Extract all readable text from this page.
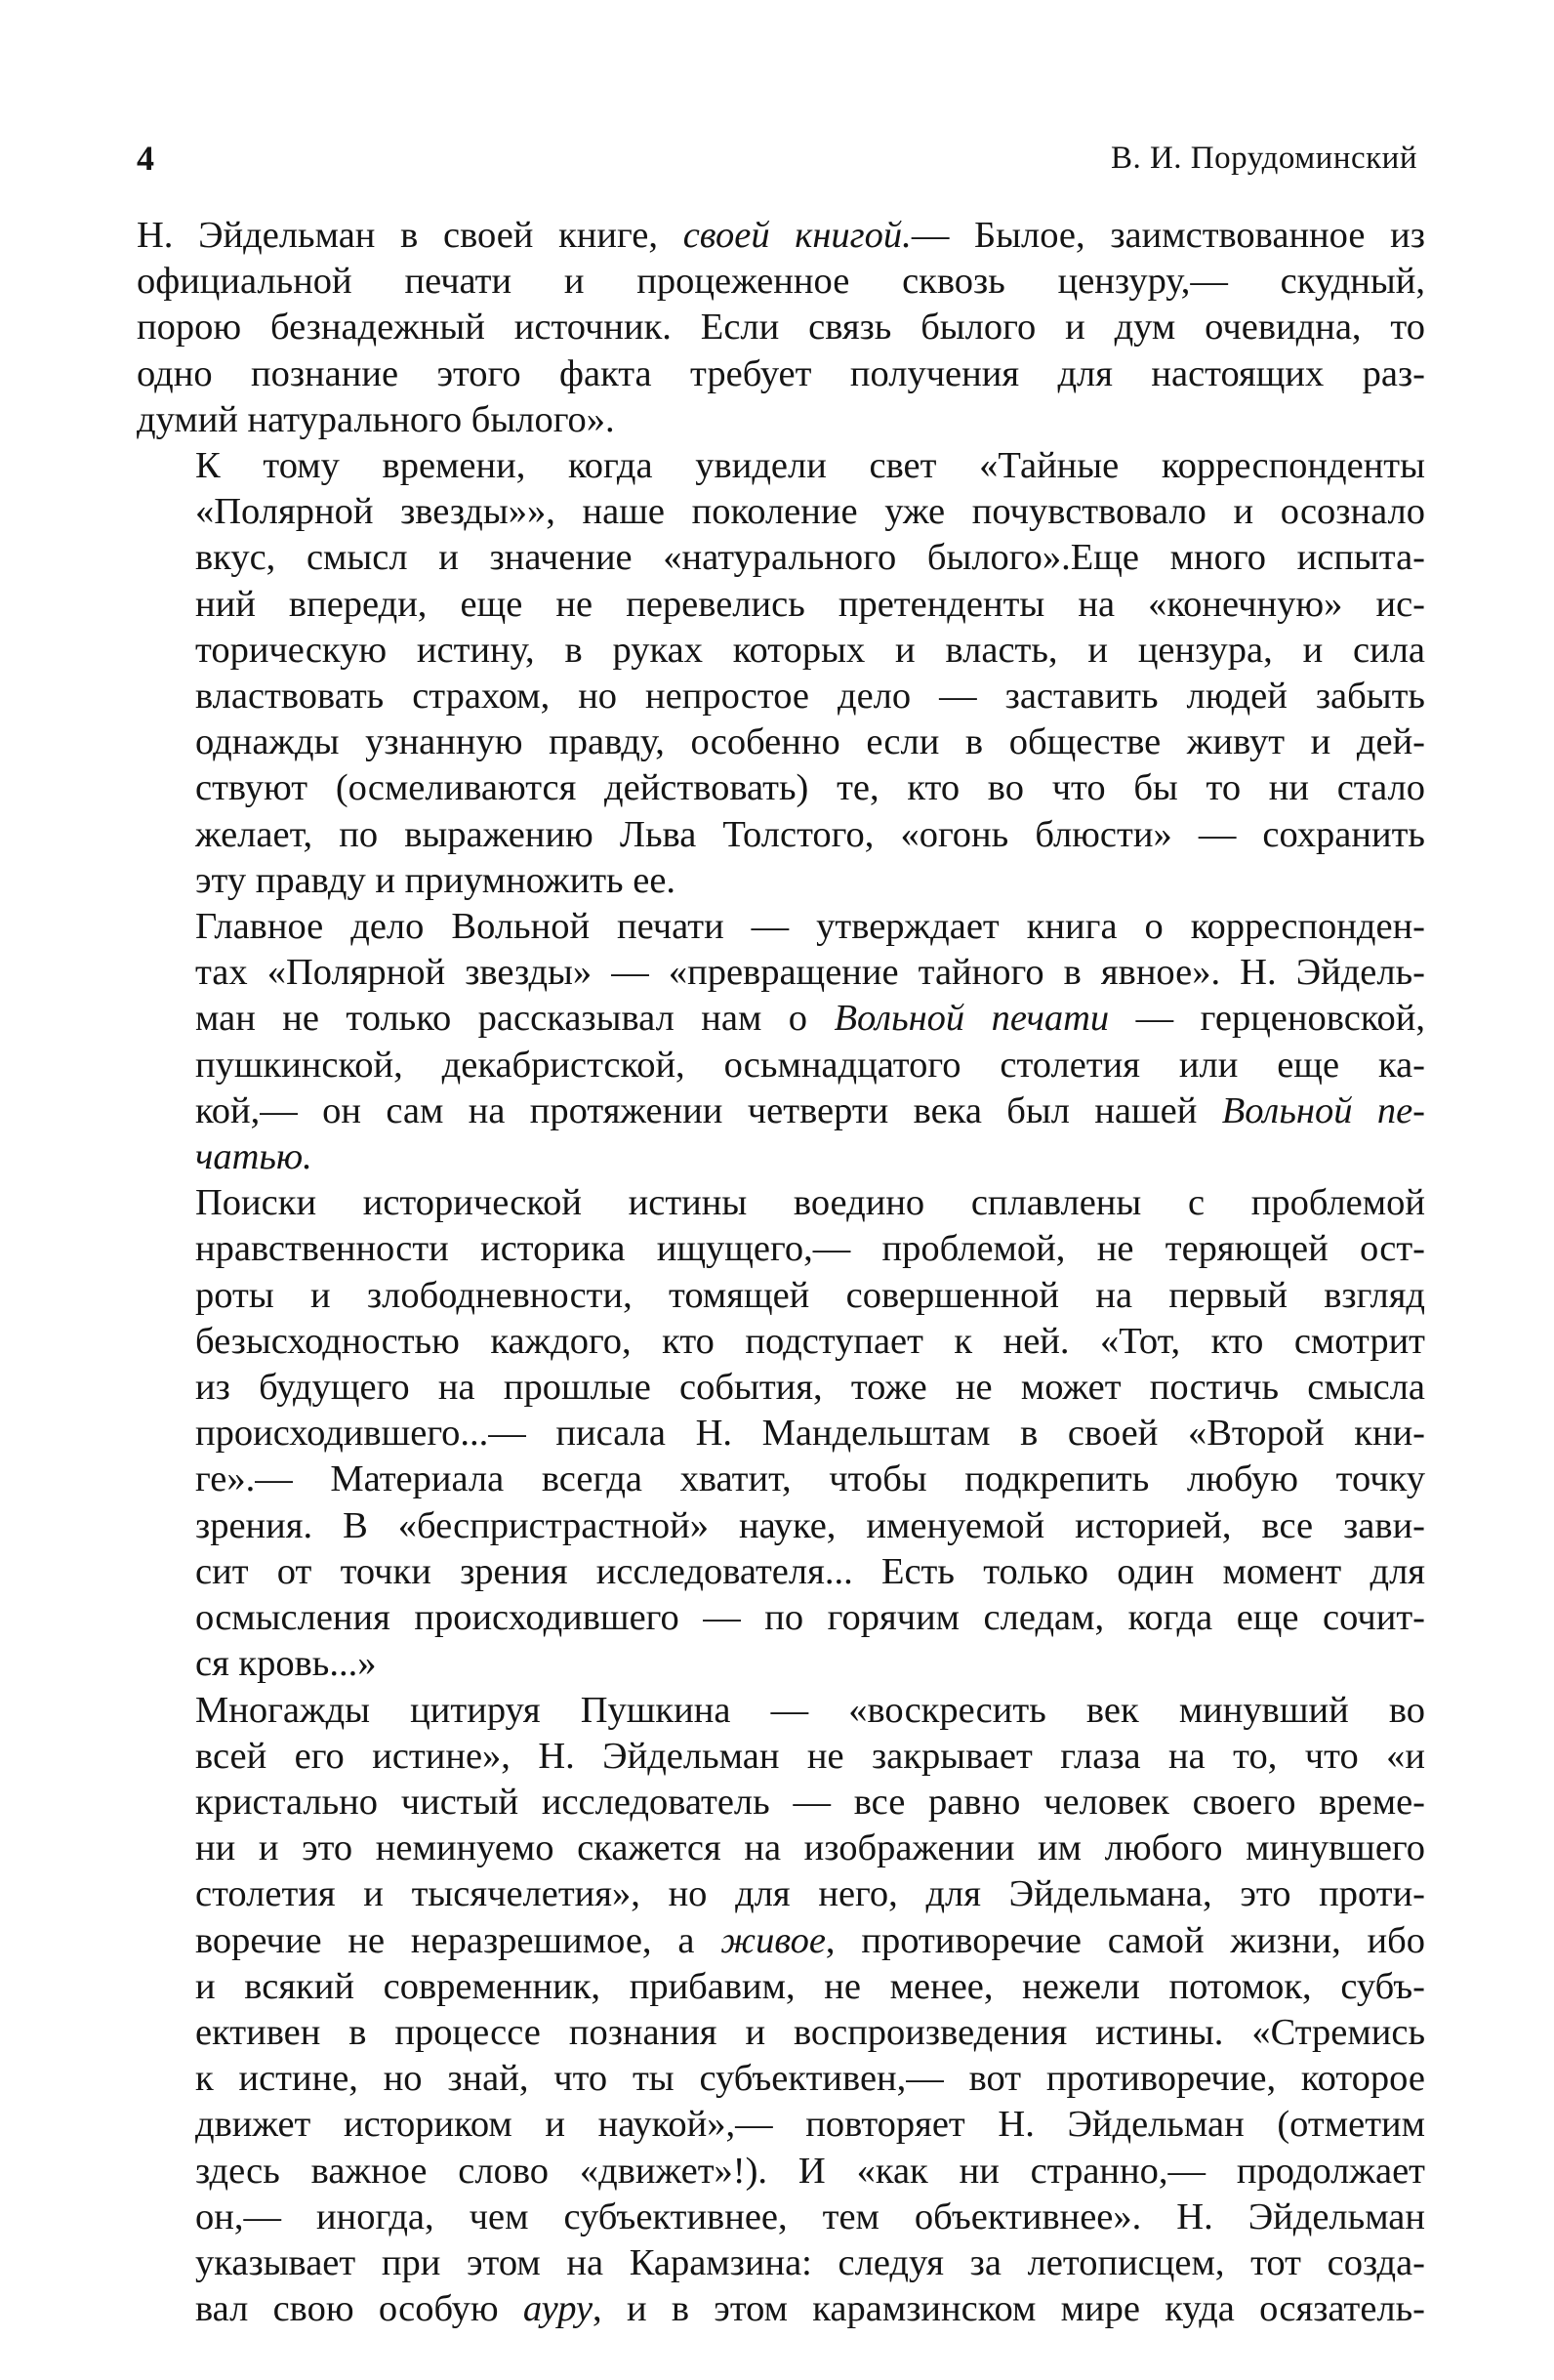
4	В. И. Порудоминский
Н. Эйдельман в своей книге, своей книгой.— Былое, заимствованное из
официальной печати и процеженное сквозь цензуру,— скудный,
порою безнадежный источник. Если связь былого и дум очевидна, то
одно познание этого факта требует получения для настоящих раз-
думий натурального былого».
К тому времени, когда увидели свет «Тайные корреспонденты
«Полярной звезды»», наше поколение уже почувствовало и осознало
вкус, смысл и значение «натурального былого».Еще много испыта-
ний впереди, еще не перевелись претенденты на «конечную» ис-
торическую истину, в руках которых и власть, и цензура, и сила
властвовать страхом, но непростое дело — заставить людей забыть
однажды узнанную правду, особенно если в обществе живут и дей-
ствуют (осмеливаются действовать) те, кто во что бы то ни стало
желает, по выражению Льва Толстого, «огонь блюсти» — сохранить
эту правду и приумножить ее.
Главное дело Вольной печати — утверждает книга о корреспонден-
тах «Полярной звезды» — «превращение тайного в явное». Н. Эйдель-
ман не только рассказывал нам о Вольной печати — герценовской,
пушкинской, декабристской, осьмнадцатого столетия или еще ка-
кой,— он сам на протяжении четверти века был нашей Вольной пе-
чатью.
Поиски исторической истины воедино сплавлены с проблемой
нравственности историка ищущего,— проблемой, не теряющей ост-
роты и злободневности, томящей совершенной на первый взгляд
безысходностью каждого, кто подступает к ней. «Тот, кто смотрит
из будущего на прошлые события, тоже не может постичь смысла
происходившего...— писала Н. Мандельштам в своей «Второй кни-
ге».— Материала всегда хватит, чтобы подкрепить любую точку
зрения. В «беспристрастной» науке, именуемой историей, все зави-
сит от точки зрения исследователя... Есть только один момент для
осмысления происходившего — по горячим следам, когда еще сочит-
ся кровь...»
Многажды цитируя Пушкина — «воскресить век минувший во
всей его истине», Н. Эйдельман не закрывает глаза на то, что «и
кристально чистый исследователь — все равно человек своего време-
ни и это неминуемо скажется на изображении им любого минувшего
столетия и тысячелетия», но для него, для Эйдельмана, это проти-
воречие не неразрешимое, а живое, противоречие самой жизни, ибо
и всякий современник, прибавим, не менее, нежели потомок, субъ-
ективен в процессе познания и воспроизведения истины. «Стремись
к истине, но знай, что ты субъективен,— вот противоречие, которое
движет историком и наукой»,— повторяет Н. Эйдельман (отметим
здесь важное слово «движет»!). И «как ни странно,— продолжает
он,— иногда, чем субъективнее, тем объективнее». Н. Эйдельман
указывает при этом на Карамзина: следуя за летописцем, тот созда-
вал свою особую ауру, и в этом карамзинском мире куда осязатель-
